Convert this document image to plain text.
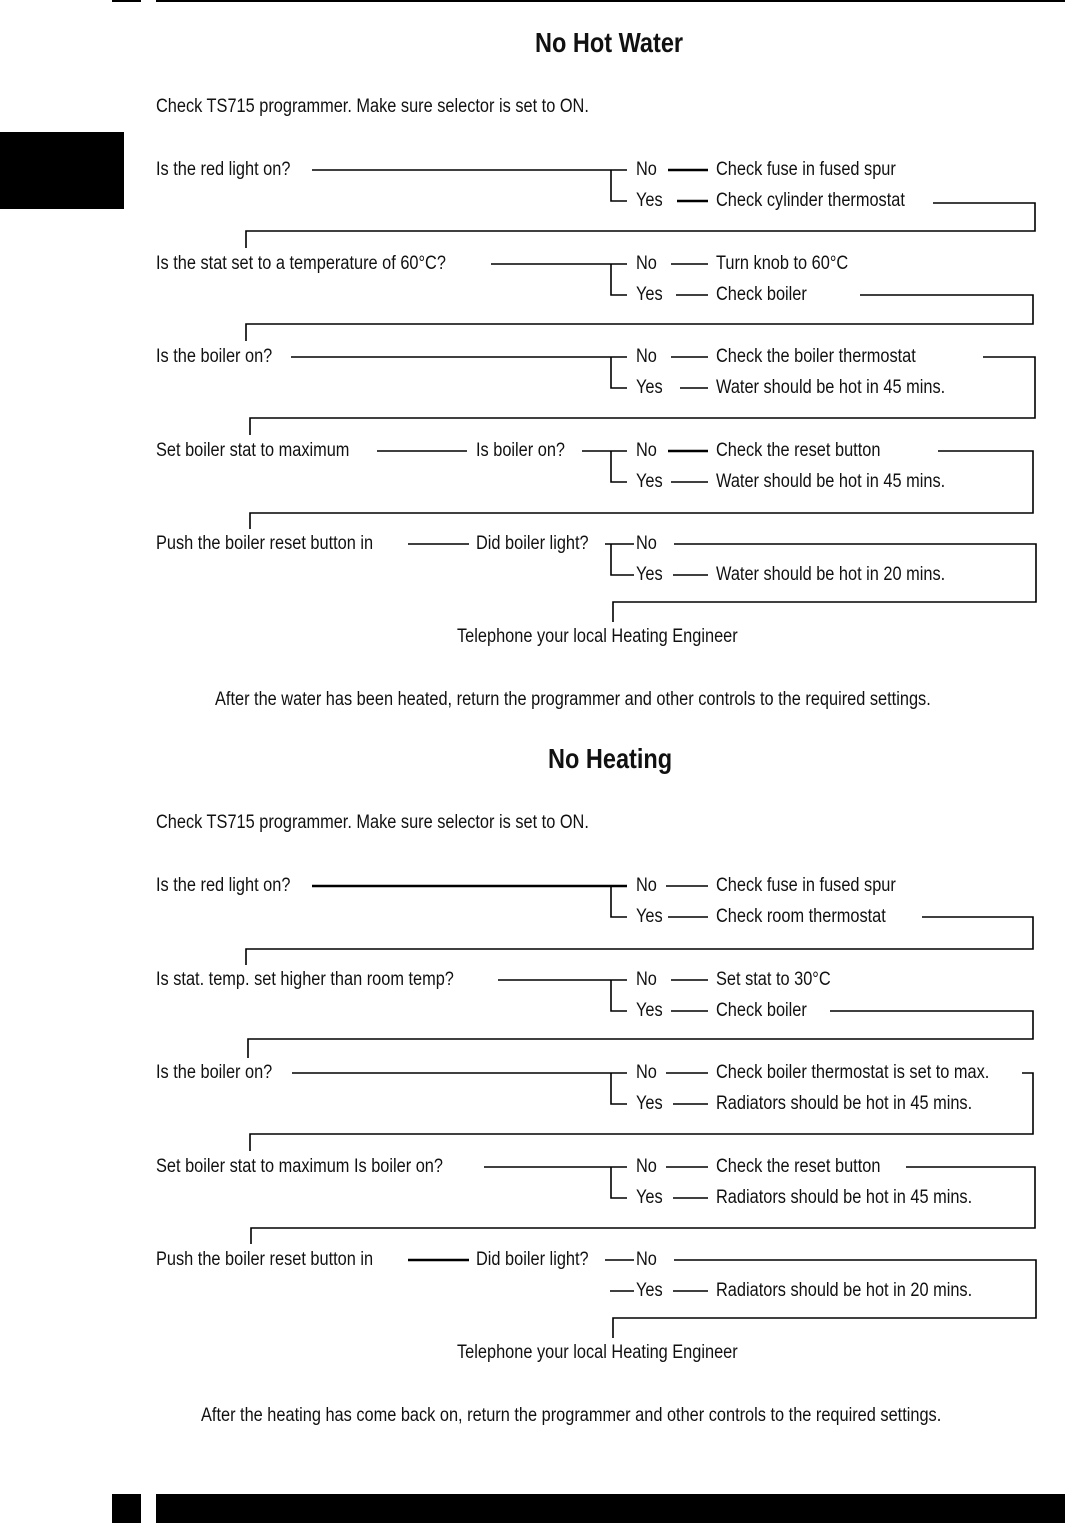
No Hot Water
Check TS715 programmer. Make sure selector is set to ON.
Is the red light on?	No	Check fuse in fused spur
Yes	Check cylinder thermostat
Is the stat set to a temperature of 60°C?	No	Turn knob to 60°C
Yes	Check boiler
Is the boiler on?	No	Check the boiler thermostat
Yes	Water should be hot in 45 mins.
Set boiler stat to maximum	Is boiler on?	No	Check the reset button
Yes	Water should be hot in 45 mins.
Push the boiler reset button in	Did boiler light? No
Yes	Water should be hot in 20 mins.
Telephone your local Heating Engineer
After the water has been heated, return the programmer and other controls to the required settings.
No Heating
Check TS715 programmer. Make sure selector is set to ON.
Is the red light on?	No	Check fuse in fused spur
Yes	Check room thermostat
Is stat. temp. set higher than room temp?	No	Set stat to 30°C
Yes	Check boiler
Is the boiler on?	No	Check boiler thermostat is set to max.
Yes	Radiators should be hot in 45 mins.
Set boiler stat to maximum Is boiler on?	No	Check the reset button
Yes	Radiators should be hot in 45 mins.
Push the boiler reset button in	Did boiler light? No
Yes	Radiators should be hot in 20 mins.
Telephone your local Heating Engineer
After the heating has come back on, return the programmer and other controls to the required settings.
